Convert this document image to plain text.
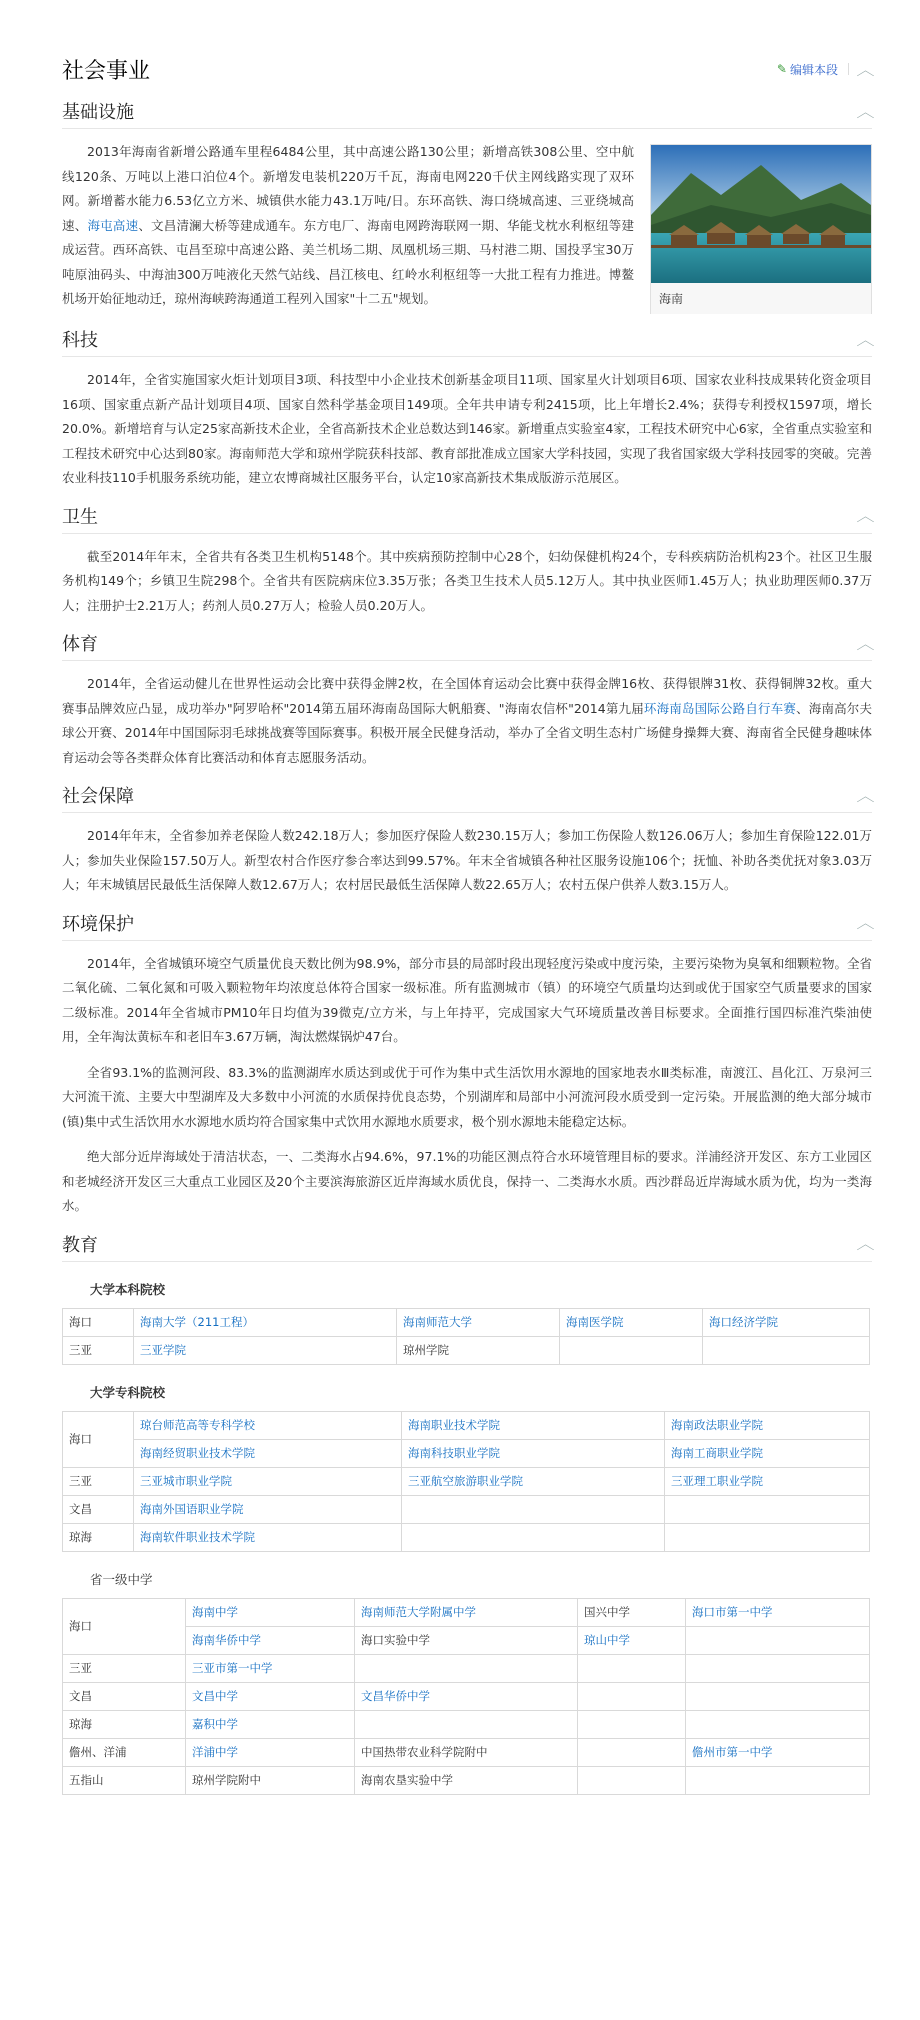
社会事业	✎ 编辑本段 ︿
基础设施	︿

2013年海南省新增公路通车里程6484公里，其中高速公路130公里；新增高铁308公里、空中航线120条、万吨以上港口泊位4个。新增发电装机220万千瓦，海南电网220千伏主网线路实现了双环网。新增蓄水能力6.53亿立方米、城镇供水能力43.1万吨/日。东环高铁、海口绕城高速、三亚绕城高速、海屯高速、文昌清澜大桥等建成通车。东方电厂、海南电网跨海联网一期、华能戈枕水利枢纽等建成运营。西环高铁、屯昌至琼中高速公路、美兰机场二期、凤凰机场三期、马村港二期、国投孚宝30万吨原油码头、中海油300万吨液化天然气站线、昌江核电、红岭水利枢纽等一大批工程有力推进。博鳌机场开始征地动迁，琼州海峡跨海通道工程列入国家"十二五"规划。	海南
科技	︿

2014年，全省实施国家火炬计划项目3项、科技型中小企业技术创新基金项目11项、国家星火计划项目6项、国家农业科技成果转化资金项目16项、国家重点新产品计划项目4项、国家自然科学基金项目149项。全年共申请专利2415项，比上年增长2.4%；获得专利授权1597项，增长20.0%。新增培育与认定25家高新技术企业，全省高新技术企业总数达到146家。新增重点实验室4家，工程技术研究中心6家，全省重点实验室和工程技术研究中心达到80家。海南师范大学和琼州学院获科技部、教育部批准成立国家大学科技园，实现了我省国家级大学科技园零的突破。完善农业科技110手机服务系统功能，建立农博商城社区服务平台，认定10家高新技术集成版游示范展区。

卫生	︿

截至2014年年末，全省共有各类卫生机构5148个。其中疾病预防控制中心28个，妇幼保健机构24个，专科疾病防治机构23个。社区卫生服务机构149个；乡镇卫生院298个。全省共有医院病床位3.35万张；各类卫生技术人员5.12万人。其中执业医师1.45万人；执业助理医师0.37万人；注册护士2.21万人；药剂人员0.27万人；检验人员0.20万人。

体育	︿

2014年，全省运动健儿在世界性运动会比赛中获得金牌2枚，在全国体育运动会比赛中获得金牌16枚、获得银牌31枚、获得铜牌32枚。重大赛事品牌效应凸显，成功举办"阿罗哈杯"2014第五届环海南岛国际大帆船赛、"海南农信杯"2014第九届环海南岛国际公路自行车赛、海南高尔夫球公开赛、2014年中国国际羽毛球挑战赛等国际赛事。积极开展全民健身活动，举办了全省文明生态村广场健身操舞大赛、海南省全民健身趣味体育运动会等各类群众体育比赛活动和体育志愿服务活动。

社会保障	︿

2014年年末，全省参加养老保险人数242.18万人；参加医疗保险人数230.15万人；参加工伤保险人数126.06万人；参加生育保险122.01万人；参加失业保险157.50万人。新型农村合作医疗参合率达到99.57%。年末全省城镇各种社区服务设施106个；抚恤、补助各类优抚对象3.03万人；年末城镇居民最低生活保障人数12.67万人；农村居民最低生活保障人数22.65万人；农村五保户供养人数3.15万人。

环境保护	︿

2014年，全省城镇环境空气质量优良天数比例为98.9%，部分市县的局部时段出现轻度污染或中度污染，主要污染物为臭氧和细颗粒物。全省二氧化硫、二氧化氮和可吸入颗粒物年均浓度总体符合国家一级标准。所有监测城市（镇）的环境空气质量均达到或优于国家空气质量要求的国家二级标准。2014年全省城市PM10年日均值为39微克/立方米，与上年持平，完成国家大气环境质量改善目标要求。全面推行国四标准汽柴油使用，全年淘汰黄标车和老旧车3.67万辆，淘汰燃煤锅炉47台。

全省93.1%的监测河段、83.3%的监测湖库水质达到或优于可作为集中式生活饮用水源地的国家地表水Ⅲ类标准，南渡江、昌化江、万泉河三大河流干流、主要大中型湖库及大多数中小河流的水质保持优良态势，个别湖库和局部中小河流河段水质受到一定污染。开展监测的绝大部分城市(镇)集中式生活饮用水水源地水质均符合国家集中式饮用水源地水质要求，极个别水源地未能稳定达标。

绝大部分近岸海域处于清洁状态，一、二类海水占94.6%，97.1%的功能区测点符合水环境管理目标的要求。洋浦经济开发区、东方工业园区和老城经济开发区三大重点工业园区及20个主要滨海旅游区近岸海域水质优良，保持一、二类海水水质。西沙群岛近岸海域水质为优，均为一类海水。

教育	︿
大学本科院校
海口	海南大学（211工程）	海南师范大学	海南医学院	海口经济学院
三亚	三亚学院	琼州学院		
大学专科院校
海口	琼台师范高等专科学校	海南职业技术学院	海南政法职业学院
	海南经贸职业技术学院	海南科技职业学院	海南工商职业学院
三亚	三亚城市职业学院	三亚航空旅游职业学院	三亚理工职业学院
文昌	海南外国语职业学院		
琼海	海南软件职业技术学院		
省一级中学
海口	海南中学	海南师范大学附属中学	国兴中学	海口市第一中学
	海南华侨中学	海口实验中学	琼山中学	
三亚	三亚市第一中学			
文昌	文昌中学	文昌华侨中学		
琼海	嘉积中学			
儋州、洋浦	洋浦中学	中国热带农业科学院附中		儋州市第一中学
五指山	琼州学院附中	海南农垦实验中学		
